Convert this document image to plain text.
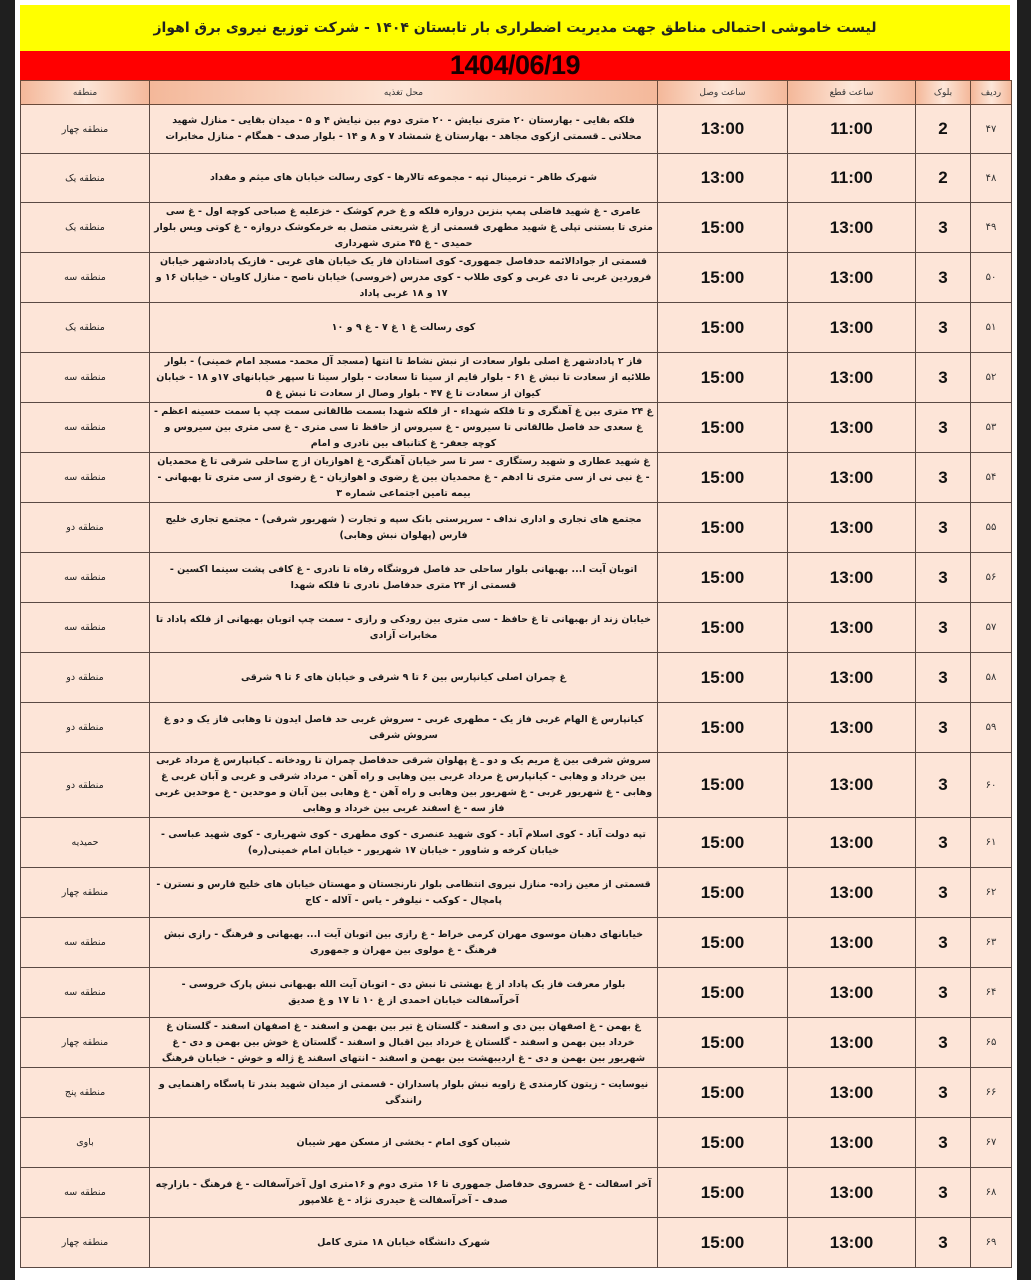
لیست خاموشی احتمالی مناطق جهت مدیریت اضطراری بار تابستان ۱۴۰۴ - شرکت توزیع نیروی برق اهواز
1404/06/19
ردیف	بلوک	ساعت قطع	ساعت وصل	محل تغذیه	منطقه
۴۷	2	11:00	13:00	فلکه بقایی - بهارستان ۲۰ متری نیایش - ۲۰ متری دوم بین نیایش ۴ و ۵ - میدان بقایی - منازل شهید محلاتی ـ قسمتی ازکوی مجاهد - بهارستان غ شمشاد ۷ و ۸ و ۱۴ - بلوار صدف - همگام - منازل مخابرات	منطقه چهار
۴۸	2	11:00	13:00	شهرک طاهر - ترمینال تپه - مجموعه تالارها - کوی رسالت خیابان های میثم و مقداد	منطقه یک
۴۹	3	13:00	15:00	عامری - غ شهید فاضلی پمپ بنزین دروازه فلکه و غ خرم کوشک - خزعلیه غ صباحی کوچه اول - غ سی متری تا بستنی تپلی غ شهید مطهری قسمتی از غ شریعتی متصل به خرمکوشک دروازه - غ کوتی ویس بلوار حمیدی - غ ۴۵ متری شهرداری	منطقه یک
۵۰	3	13:00	15:00	قسمتی از جوادالائمه حدفاصل جمهوری- کوی استادان فاز یک خیابان های غربی - فازیک پادادشهر خیابان فروردین غربی تا دی غربی و کوی طلاب - کوی مدرس (خروسی) خیابان ناصح - منازل کاویان - خیابان ۱۶ و ۱۷ و ۱۸ غربی پاداد	منطقه سه
۵۱	3	13:00	15:00	کوی رسالت غ ۱ غ ۷ - غ ۹ و ۱۰	منطقه یک
۵۲	3	13:00	15:00	فاز ۲ پادادشهر غ اصلی بلوار سعادت از نبش نشاط تا انتها (مسجد آل محمد- مسجد امام خمینی) - بلوار طلائیه از سعادت تا نبش غ ۶۱ - بلوار قایم از سینا تا سعادت - بلوار سینا تا سپهر خیابانهای ۱۷و ۱۸ - خیابان کیوان از سعادت تا غ ۴۷ - بلوار وصال از سعادت تا نبش غ ۵	منطقه سه
۵۳	3	13:00	15:00	غ ۲۴ متری بین غ آهنگری و تا فلکه شهداء - از فلکه شهدا بسمت طالقانی سمت چپ یا سمت حسینه اعظم - غ سعدی حد فاصل طالقانی تا سیروس - غ سیروس از حافظ تا سی متری - غ سی متری بین سیروس و کوچه جعفر- غ کتانباف بین نادری و امام	منطقه سه
۵۴	3	13:00	15:00	غ شهید عطاری و شهید رستگاری - سر تا سر خیابان آهنگری- غ اهوازیان از ج ساحلی شرقی تا غ محمدیان - غ نبی نی از سی متری تا ادهم - غ محمدیان بین غ رضوی و اهوازیان - غ رضوی از سی متری تا بهبهانی - بیمه تامین اجتماعی شماره ۳	منطقه سه
۵۵	3	13:00	15:00	مجتمع های تجاری و اداری نداف - سرپرستی بانک سپه و تجارت ( شهریور شرقی) - مجتمع تجاری خلیج فارس (پهلوان نبش وهابی)	منطقه دو
۵۶	3	13:00	15:00	اتوبان آیت ا... بهبهانی بلوار ساحلی حد فاصل فروشگاه رفاه تا نادری - غ کافی پشت سینما اکسین - قسمتی از ۲۴ متری حدفاصل نادری تا فلکه شهدا	منطقه سه
۵۷	3	13:00	15:00	خیابان زند از بهبهانی تا غ حافظ - سی متری بین رودکی و رازی - سمت چپ اتوبان بهبهانی از فلکه پاداد تا مخابرات آزادی	منطقه سه
۵۸	3	13:00	15:00	غ چمران اصلی کیانپارس بین ۶ تا ۹ شرقی و خیابان های ۶ تا ۹ شرقی	منطقه دو
۵۹	3	13:00	15:00	کیانپارس غ الهام غربی فاز یک - مطهری غربی - سروش غربی حد فاصل ایدون تا وهابی فاز یک و دو غ سروش شرقی	منطقه دو
۶۰	3	13:00	15:00	سروش شرقی بین غ مریم یک و دو ـ غ پهلوان شرقی حدفاصل چمران تا رودخانه ـ کیانپارس غ مرداد غربی بین خرداد و وهابی - کیانپارس غ مرداد غربی بین وهابی و راه آهن - مرداد شرقی و غربی و آبان غربی غ وهابی - غ شهریور غربی - غ شهریور بین وهابی و راه آهن - غ وهابی بین آبان و موحدین - غ موحدین غربی فاز سه - غ اسفند غربی بین خرداد و وهابی	منطقه دو
۶۱	3	13:00	15:00	تپه دولت آباد - کوی اسلام آباد - کوی شهید عنصری - کوی مطهری - کوی شهریاری - کوی شهید عباسی - خیابان کرخه و شاوور - خیابان ۱۷ شهریور - خیابان امام خمینی(ره)	حمیدیه
۶۲	3	13:00	15:00	قسمتی از معین زاده- منازل نیروی انتظامی بلوار نارنجستان و مهستان خیابان های خلیج فارس و نسترن - پامچال - کوکب - نیلوفر - یاس - آلاله - کاج	منطقه چهار
۶۳	3	13:00	15:00	خیابانهای دهبان موسوی مهران کرمی خراط - غ رازی بین اتوبان آیت ا... بهبهانی و فرهنگ - رازی نبش فرهنگ - غ مولوی بین مهران و جمهوری	منطقه سه
۶۴	3	13:00	15:00	بلوار معرفت فاز یک پاداد از غ بهشتی تا نبش دی - اتوبان آیت الله بهبهانی نبش پارک خروسی - آخرآسفالت خیابان احمدی از غ ۱۰ تا ۱۷ و غ صدیق	منطقه سه
۶۵	3	13:00	15:00	غ بهمن - غ اصفهان بین دی و اسفند - گلستان غ تیر بین بهمن و اسفند - غ اصفهان اسفند - گلستان غ خرداد بین بهمن و اسفند - گلستان غ خرداد بین اقبال و اسفند - گلستان غ خوش بین بهمن و دی - غ شهریور بین بهمن و دی - غ اردیبهشت بین بهمن و اسفند - انتهای اسفند غ ژاله و خوش - خیابان فرهنگ	منطقه چهار
۶۶	3	13:00	15:00	نیوسایت - زیتون کارمندی غ زاویه نبش بلوار پاسداران - قسمتی از میدان شهید بندر تا پاسگاه راهنمایی و رانندگی	منطقه پنج
۶۷	3	13:00	15:00	شیبان کوی امام - بخشی از مسکن مهر شیبان	باوی
۶۸	3	13:00	15:00	آخر اسفالت - غ خسروی حدفاصل جمهوری تا ۱۶ متری دوم و ۱۶متری اول آخرآسفالت - غ فرهنگ - بازارچه صدف - آخرآسفالت غ حیدری نژاد - غ غلامپور	منطقه سه
۶۹	3	13:00	15:00	شهرک دانشگاه خیابان ۱۸ متری کامل	منطقه چهار
